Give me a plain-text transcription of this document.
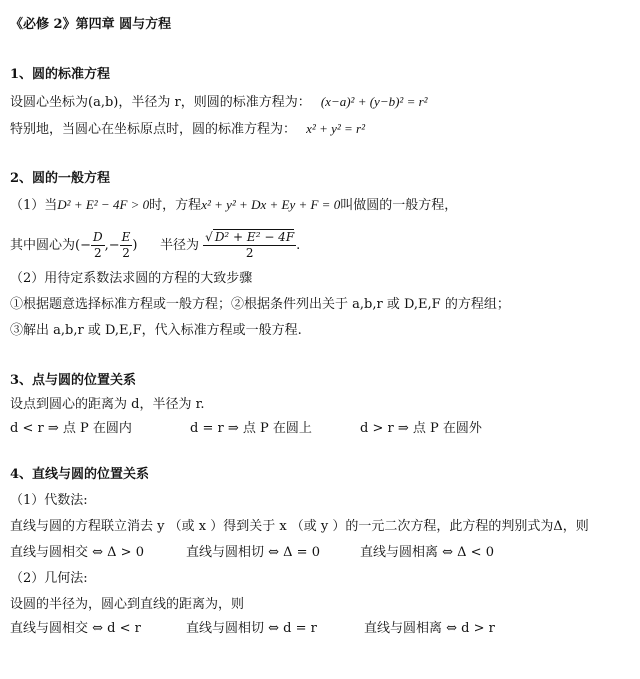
《必修 2》第四章 圆与方程
1、圆的标准方程
设圆心坐标为(a,b)，半径为 r，则圆的标准方程为： (x−a)² + (y−b)² = r²
特别地，当圆心在坐标原点时，圆的标准方程为： x² + y² = r²
2、圆的一般方程
（1）当D² + E² − 4F > 0时，方程x² + y² + Dx + Ey + F = 0叫做圆的一般方程，
其中圆心为(− $\frac{D}{2}$ ,− $\frac{E}{2}$ ) 半径为 $\frac{\text{√ D² + E² − 4F}}{2}$ .
（2）用待定系数法求圆的方程的大致步骤
①根据题意选择标准方程或一般方程；②根据条件列出关于 a,b,r 或 D,E,F 的方程组；
③解出 a,b,r 或 D,E,F，代入标准方程或一般方程.
3、点与圆的位置关系
设点到圆心的距离为 d，半径为 r.
d < r ⇒ 点 P 在圆内	d = r ⇒ 点 P 在圆上	d > r ⇒ 点 P 在圆外
4、直线与圆的位置关系
（1）代数法:
直线与圆的方程联立消去 y （或 x ）得到关于 x （或 y ）的一元二次方程，此方程的判别式为Δ，则
直线与圆相交 ⇔ Δ > 0	直线与圆相切 ⇔ Δ = 0	直线与圆相离 ⇔ Δ < 0
（2）几何法:
设圆的半径为，圆心到直线的距离为，则
直线与圆相交 ⇔ d < r	直线与圆相切 ⇔ d = r	直线与圆相离 ⇔ d > r
